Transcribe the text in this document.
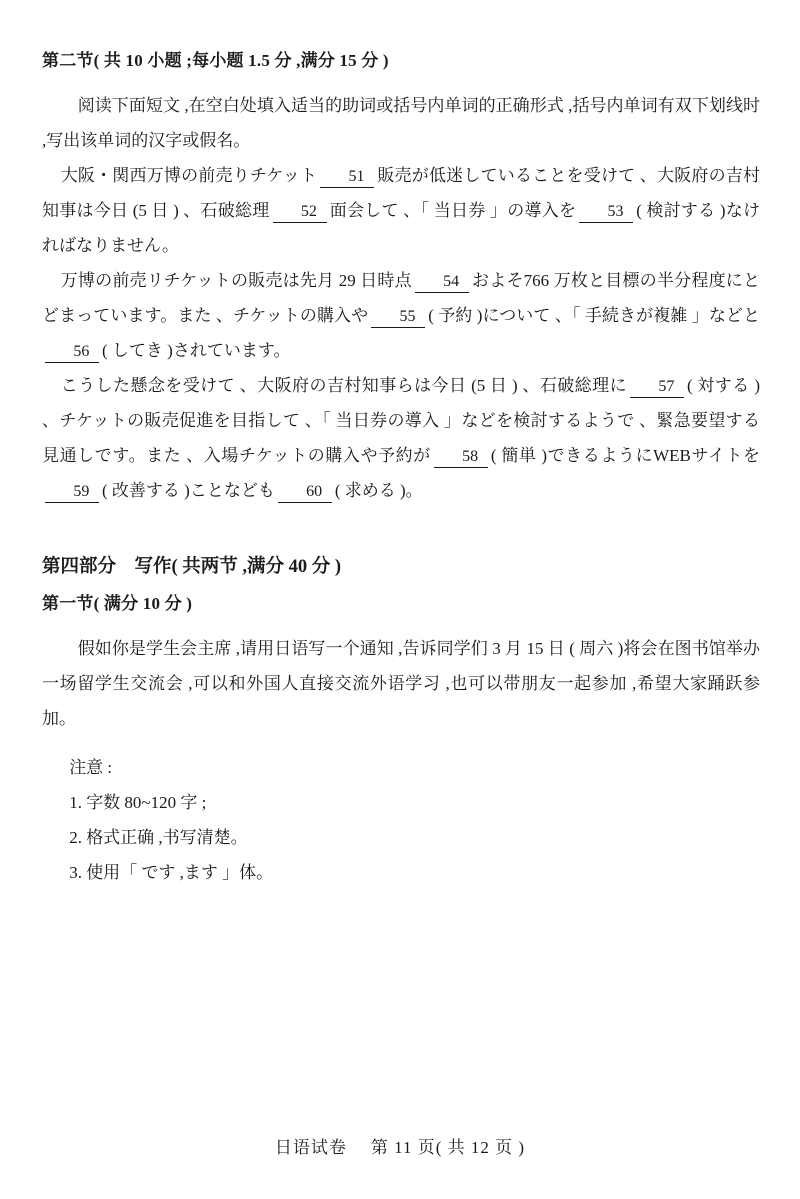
第二节( 共 10 小题 ;每小题 1.5 分 ,满分 15 分 )

阅读下面短文 ,在空白处填入适当的助词或括号内单词的正确形式 ,括号内单词有双下划线时 ,写出该单词的汉字或假名。

大阪・関西万博の前売りチケット 51 販売が低迷していることを受けて 、大阪府の吉村知事は今日 (5 日 ) 、石破総理 52 面会して 、「 当日券 」の導入を 53 ( 検討する )なければなりません。

万博の前売リチケットの販売は先月 29 日時点 54 およそ766 万枚と目標の半分程度にとどまっています。また 、チケットの購入や 55 ( 予約 )について 、「 手続きが複雑 」などと56 ( してき )されています。

こうした懸念を受けて 、大阪府の吉村知事らは今日 (5 日 ) 、石破総理に 57 ( 対する ) 、チケットの販売促進を目指して 、「 当日券の導入 」などを検討するようで 、緊急要望する見通しです。また 、入場チケットの購入や予約が 58 ( 簡単 )できるようにWEBサイトを59 ( 改善する )ことなども 60 ( 求める )。

第四部分　写作( 共两节 ,满分 40 分 )
第一节( 满分 10 分 )

假如你是学生会主席 ,请用日语写一个通知 ,告诉同学们 3 月 15 日 ( 周六 )将会在图书馆举办一场留学生交流会 ,可以和外国人直接交流外语学习 ,也可以带朋友一起参加 ,希望大家踊跃参加。

注意 :

1. 字数 80~120 字 ;

2. 格式正确 ,书写清楚。

3. 使用「 です ,ます 」体。

日语试卷 第 11 页( 共 12 页 )
